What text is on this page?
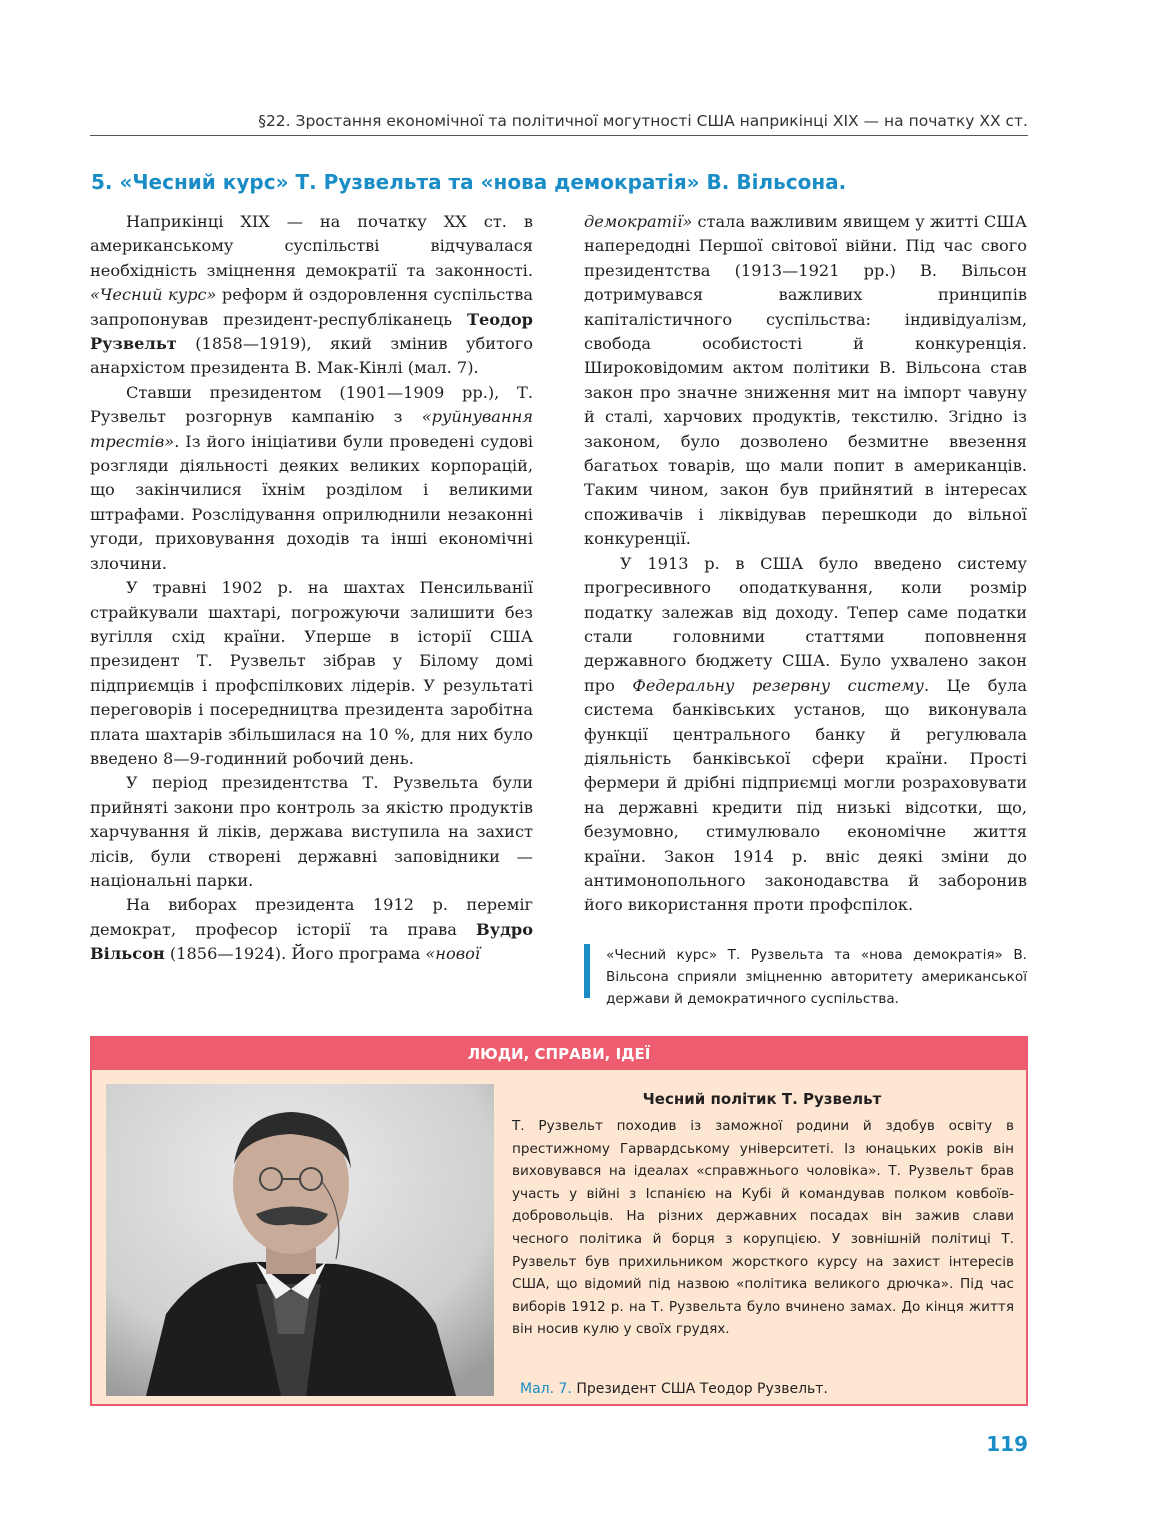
§22. Зростання економічної та політичної могутності США наприкінці XIX — на початку XX ст.
5. «Чесний курс» Т. Рузвельта та «нова демократія» В. Вільсона.

Наприкінці XIX — на початку XX ст. в американському суспільстві відчувалася необхідність зміцнення демократії та законності. «Чесний курс» реформ й оздоровлення суспільства запропонував президент-республіканець Теодор Рузвельт (1858—1919), який змінив убитого анархістом президента В. Мак-Кінлі (мал. 7).

Ставши президентом (1901—1909 рр.), Т. Рузвельт розгорнув кампанію з «руйнування трестів». Із його ініціативи були проведені судові розгляди діяльності деяких великих корпорацій, що закінчилися їхнім розділом і великими штрафами. Розслідування оприлюднили незаконні угоди, приховування доходів та інші економічні злочини.

У травні 1902 р. на шахтах Пенсильванії страйкували шахтарі, погрожуючи залишити без вугілля схід країни. Уперше в історії США президент Т. Рузвельт зібрав у Білому домі підприємців і профспілкових лідерів. У результаті переговорів і посередництва президента заробітна плата шахтарів збільшилася на 10 %, для них було введено 8—9-годинний робочий день.

У період президентства Т. Рузвельта були прийняті закони про контроль за якістю продуктів харчування й ліків, держава виступила на захист лісів, були створені державні заповідники — національні парки.

На виборах президента 1912 р. переміг демократ, професор історії та права Вудро Вільсон (1856—1924). Його програма «нової

демократії» стала важливим явищем у житті США напередодні Першої світової війни. Під час свого президентства (1913—1921 рр.) В. Вільсон дотримувався важливих принципів капіталістичного суспільства: індивідуалізм, свобода особистості й конкуренція. Широковідомим актом політики В. Вільсона став закон про значне зниження мит на імпорт чавуну й сталі, харчових продуктів, текстилю. Згідно із законом, було дозволено безмитне ввезення багатьох товарів, що мали попит в американців. Таким чином, закон був прийнятий в інтересах споживачів і ліквідував перешкоди до вільної конкуренції.

У 1913 р. в США було введено систему прогресивного оподаткування, коли розмір податку залежав від доходу. Тепер саме податки стали головними статтями поповнення державного бюджету США. Було ухвалено закон про Федеральну резервну систему. Це була система банківських установ, що виконувала функції центрального банку й регулювала діяльність банківської сфери країни. Прості фермери й дрібні підприємці могли розраховувати на державні кредити під низькі відсотки, що, безумовно, стимулювало економічне життя країни. Закон 1914 р. вніс деякі зміни до антимонопольного законодавства й заборонив його використання проти профспілок.

«Чесний курс» Т. Рузвельта та «нова демократія» В. Вільсона сприяли зміцненню авторитету американської держави й демократичного суспільства.
ЛЮДИ, СПРАВИ, ІДЕЇ
Чесний політик Т. Рузвельт
Т. Рузвельт походив із заможної родини й здобув освіту в престижному Гарвардському університеті. Із юнацьких років він виховувався на ідеалах «справжнього чоловіка». Т. Рузвельт брав участь у війні з Іспанією на Кубі й командував полком ковбоїв-добровольців. На різних державних посадах він зажив слави чесного політика й борця з корупцією. У зовнішній політиці Т. Рузвельт був прихильником жорсткого курсу на захист інтересів США, що відомий під назвою «політика великого дрючка». Під час виборів 1912 р. на Т. Рузвельта було вчинено замах. До кінця життя він носив кулю у своїх грудях.
Мал. 7. Президент США Теодор Рузвельт.
119
